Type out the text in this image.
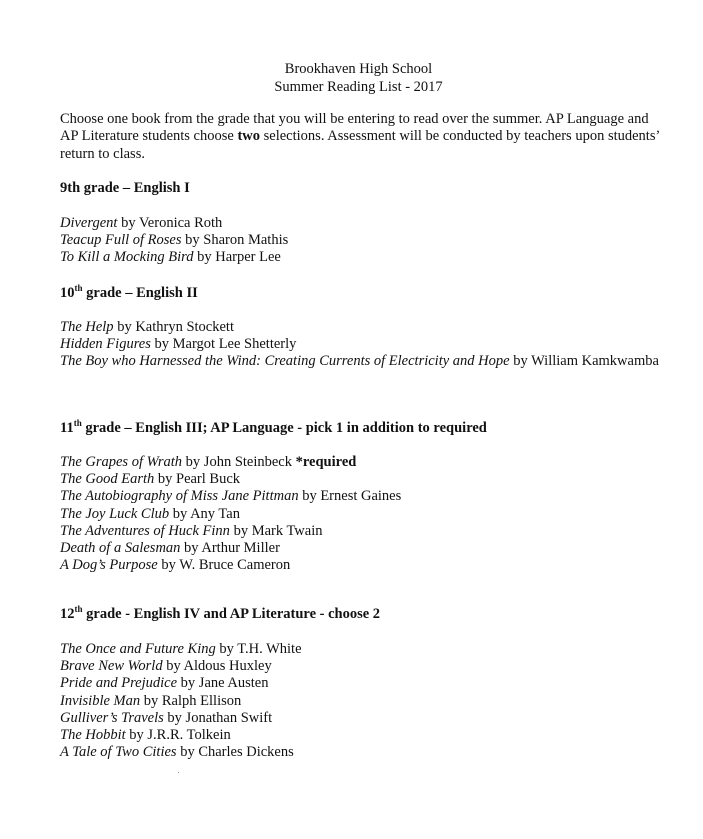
Brookhaven High School
Summer Reading List - 2017
Choose one book from the grade that you will be entering to read over the summer. AP Language and AP Literature students choose two selections. Assessment will be conducted by teachers upon students’ return to class.
9th grade – English I
Divergent by Veronica Roth
Teacup Full of Roses by Sharon Mathis
To Kill a Mocking Bird by Harper Lee
10th grade – English II
The Help by Kathryn Stockett
Hidden Figures by Margot Lee Shetterly
The Boy who Harnessed the Wind: Creating Currents of Electricity and Hope by William Kamkwamba
11th grade – English III; AP Language - pick 1 in addition to required
The Grapes of Wrath by John Steinbeck *required
The Good Earth by Pearl Buck
The Autobiography of Miss Jane Pittman by Ernest Gaines
The Joy Luck Club by Any Tan
The Adventures of Huck Finn by Mark Twain
Death of a Salesman by Arthur Miller
A Dog’s Purpose by W. Bruce Cameron
12th grade - English IV and AP Literature - choose 2
The Once and Future King by T.H. White
Brave New World by Aldous Huxley
Pride and Prejudice by Jane Austen
Invisible Man by Ralph Ellison
Gulliver’s Travels by Jonathan Swift
The Hobbit by J.R.R. Tolkein
A Tale of Two Cities by Charles Dickens
